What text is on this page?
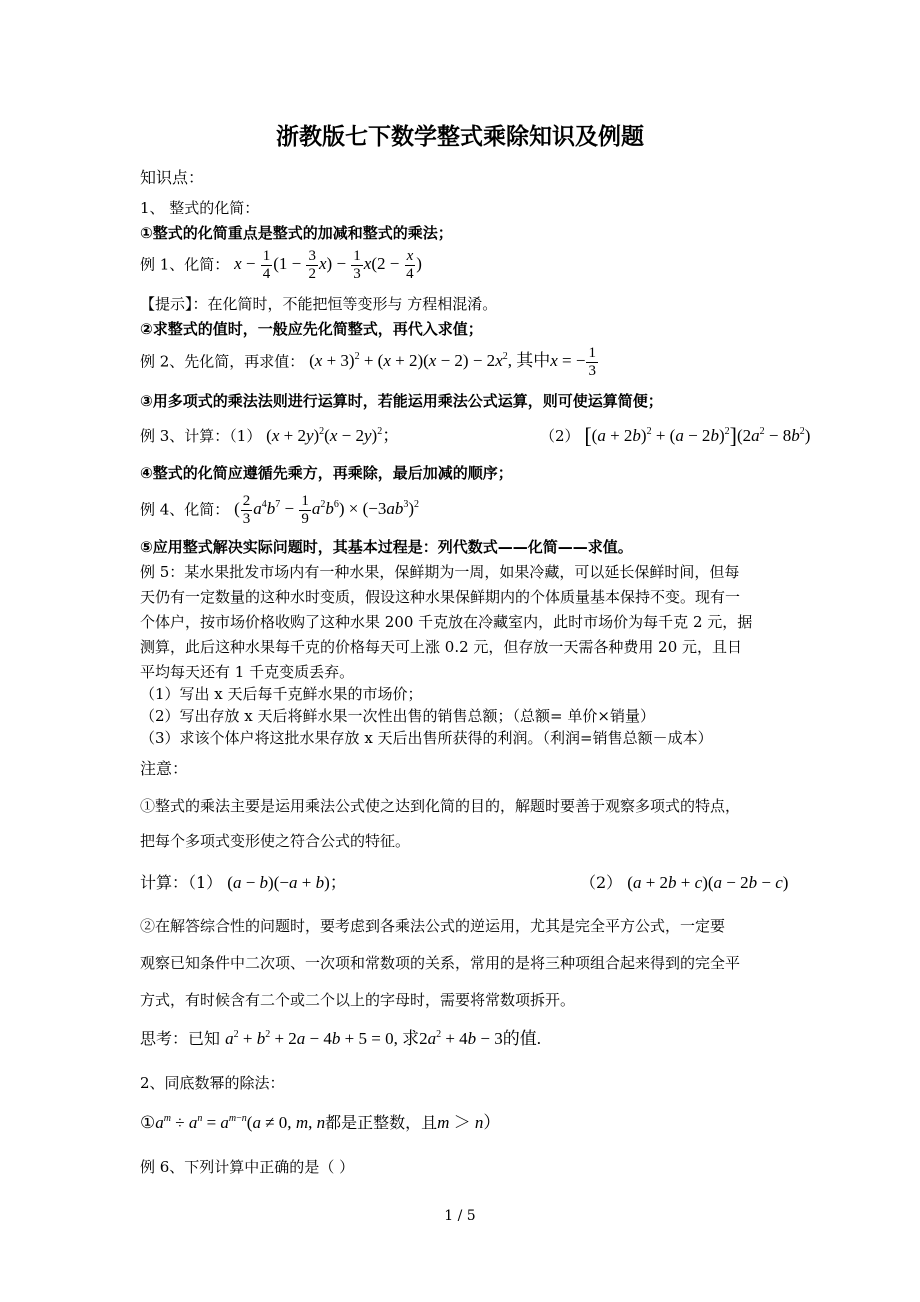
浙教版七下数学整式乘除知识及例题
知识点：
1、 整式的化简：
①整式的化简重点是整式的加减和整式的乘法；
例 1、化简： $x - \frac{1}{4} (1 - \frac{3}{2} x) - \frac{1}{3} x(2 - \frac{x}{4}$ )
【提示】：在化简时，不能把恒等变形与 方程相混淆。
②求整式的值时，一般应先化简整式，再代入求值；
例 2、先化简，再求值： $(x + 3)^2 + (x + 2)(x - 2) - 2x^2$, 其中x = − $\frac{1}{3}$
③用多项式的乘法法则进行运算时，若能运用乘法公式运算，则可使运算简便；
例 3、计算：（1） $(x + 2y)^2(x - 2y)^2$；	（2） $[(a + 2b)^2 + (a - 2b)^2](2a^2 - 8b^2)$
④整式的化简应遵循先乘方，再乘除，最后加减的顺序；
例 4、化简： ( $\frac{2}{3} a^4b^7 - \frac{1}{9} a^2b^6) \times (-3ab^3)^2$
⑤应用整式解决实际问题时，其基本过程是：列代数式——化简——求值。
例 5：某水果批发市场内有一种水果，保鲜期为一周，如果冷藏，可以延长保鲜时间，但每
天仍有一定数量的这种水时变质，假设这种水果保鲜期内的个体质量基本保持不变。现有一
个体户，按市场价格收购了这种水果 200 千克放在冷藏室内，此时市场价为每千克 2 元，据
测算，此后这种水果每千克的价格每天可上涨 0.2 元，但存放一天需各种费用 20 元，且日
平均每天还有 1 千克变质丢弃。
（1）写出 x 天后每千克鲜水果的市场价；
（2）写出存放 x 天后将鲜水果一次性出售的销售总额；（总额= 单价×销量）
（3）求该个体户将这批水果存放 x 天后出售所获得的利润。（利润=销售总额－成本）
注意：
①整式的乘法主要是运用乘法公式使之达到化简的目的，解题时要善于观察多项式的特点，
把每个多项式变形使之符合公式的特征。
计算：（1） (a − b)(−a + b)；	（2） (a + 2b + c)(a − 2b − c)
②在解答综合性的问题时，要考虑到各乘法公式的逆运用，尤其是完全平方公式，一定要
观察已知条件中二次项、一次项和常数项的关系，常用的是将三种项组合起来得到的完全平
方式，有时候含有二个或二个以上的字母时，需要将常数项拆开。
思考：已知 $a^2 + b^2 + 2a - 4b + 5 = 0$, 求$2a^2 + 4b - 3$的值.
2、同底数幂的除法：
$①a^m \div a^n = a^{m-n}(a \ne 0$, m, n都是正整数，且m ＞ n）
例 6、下列计算中正确的是（ ）
1 / 5
